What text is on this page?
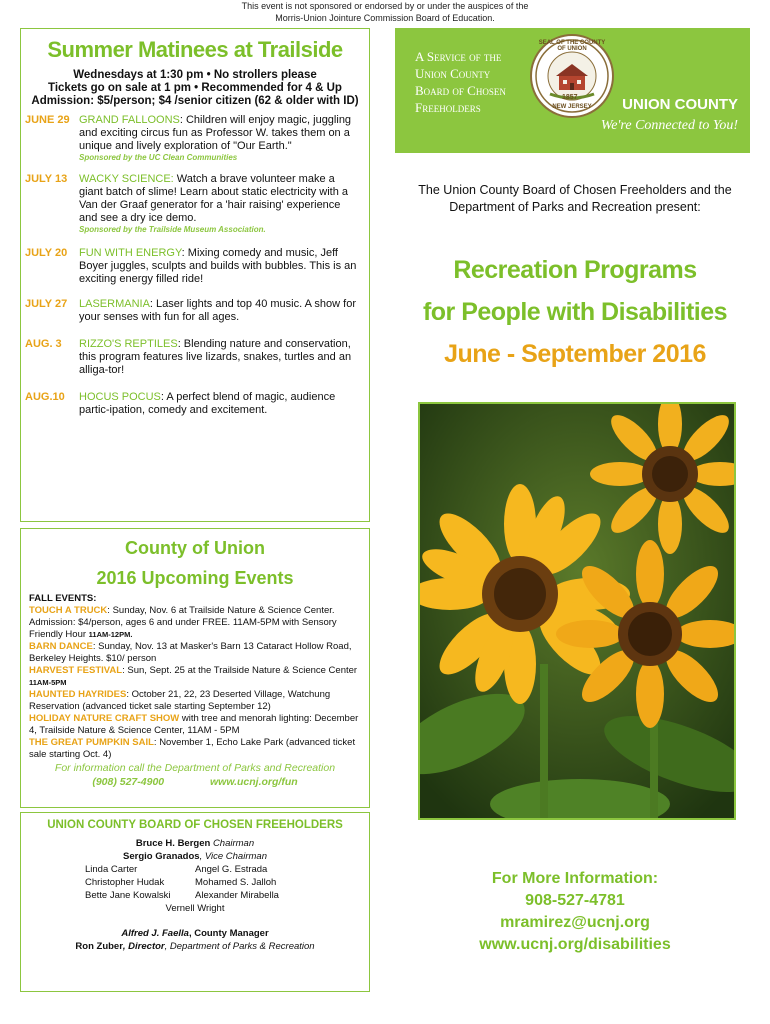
This event is not sponsored or endorsed by or under the auspices of the
Morris-Union Jointure Commission Board of Education.
Summer Matinees at Trailside
Wednesdays at 1:30 pm • No strollers please
Tickets go on sale at 1 pm • Recommended for 4 & Up
Admission: $5/person; $4 /senior citizen (62 & older with ID)
JUNE 29 GRAND FALLOONS: Children will enjoy magic, juggling and exciting circus fun as Professor W. takes them on a unique and lively exploration of "Our Earth."
Sponsored by the UC Clean Communities
JULY 13 WACKY SCIENCE: Watch a brave volunteer make a giant batch of slime! Learn about static electricity with a Van der Graaf generator for a 'hair raising' experience and see a dry ice demo.
Sponsored by the Trailside Museum Association.
JULY 20 FUN WITH ENERGY: Mixing comedy and music, Jeff Boyer juggles, sculpts and builds with bubbles. This is an exciting energy filled ride!
JULY 27 LASERMANIA: Laser lights and top 40 music. A show for your senses with fun for all ages.
AUG. 3 RIZZO'S REPTILES: Blending nature and conservation, this program features live lizards, snakes, turtles and an alliga-tor!
AUG.10 HOCUS POCUS: A perfect blend of magic, audience partic-ipation, comedy and excitement.
County of Union
2016 Upcoming Events
FALL EVENTS:
TOUCH A TRUCK: Sunday, Nov. 6 at Trailside Nature & Science Center. Admission: $4/person, ages 6 and under FREE. 11AM-5PM with Sensory Friendly Hour 11AM-12PM.
BARN DANCE: Sunday, Nov. 13 at Masker's Barn 13 Cataract Hollow Road, Berkeley Heights. $10/ person
HARVEST FESTIVAL: Sun, Sept. 25 at the Trailside Nature & Science Center 11AM-5PM
HAUNTED HAYRIDES: October 21, 22, 23 Deserted Village, Watchung Reservation (advanced ticket sale starting September 12)
HOLIDAY NATURE CRAFT SHOW with tree and menorah lighting: December 4, Trailside Nature & Science Center, 11AM - 5PM
THE GREAT PUMPKIN SAIL: November 1, Echo Lake Park (advanced ticket sale starting Oct. 4)
For information call the Department of Parks and Recreation
(908) 527-4900	www.ucnj.org/fun
UNION COUNTY BOARD OF CHOSEN FREEHOLDERS
Bruce H. Bergen Chairman
Sergio Granados, Vice Chairman
Linda Carter	Angel G. Estrada
Christopher Hudak	Mohamed S. Jalloh
Bette Jane Kowalski	Alexander Mirabella
Vernell Wright
Alfred J. Faella, County Manager
Ron Zuber, Director, Department of Parks & Recreation
A Service of the
Union County
Board of Chosen
Freeholders
SEAL OF THE COUNTY OF UNION
1857
NEW JERSEY	UNION COUNTY
We're Connected to You!
The Union County Board of Chosen Freeholders and the Department of Parks and Recreation present:
Recreation Programs
for People with Disabilities
June - September 2016
For More Information:
908-527-4781
mramirez@ucnj.org
www.ucnj.org/disabilities
